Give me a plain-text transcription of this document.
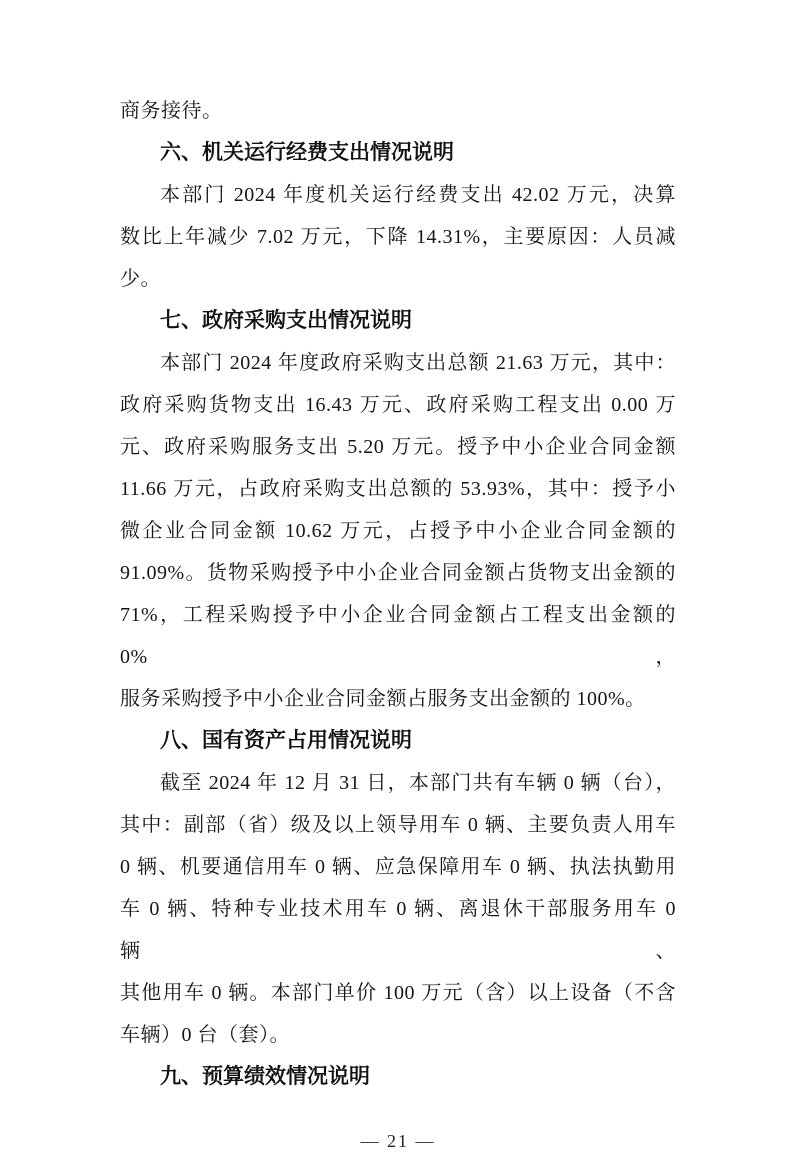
商务接待。
六、机关运行经费支出情况说明
本部门 2024 年度机关运行经费支出 42.02 万元，决算
数比上年减少 7.02 万元，下降 14.31%，主要原因：人员减
少。
七、政府采购支出情况说明
本部门 2024 年度政府采购支出总额 21.63 万元，其中：
政府采购货物支出 16.43 万元、政府采购工程支出 0.00 万
元、政府采购服务支出 5.20 万元。授予中小企业合同金额
11.66 万元，占政府采购支出总额的 53.93%，其中：授予小
微企业合同金额 10.62 万元，占授予中小企业合同金额的
91.09%。货物采购授予中小企业合同金额占货物支出金额的
71%，工程采购授予中小企业合同金额占工程支出金额的 0%，
服务采购授予中小企业合同金额占服务支出金额的 100%。
八、国有资产占用情况说明
截至 2024 年 12 月 31 日，本部门共有车辆 0 辆（台），
其中：副部（省）级及以上领导用车 0 辆、主要负责人用车
0 辆、机要通信用车 0 辆、应急保障用车 0 辆、执法执勤用
车 0 辆、特种专业技术用车 0 辆、离退休干部服务用车 0 辆、
其他用车 0 辆。本部门单价 100 万元（含）以上设备（不含
车辆）0 台（套）。
九、预算绩效情况说明
— 21 —
